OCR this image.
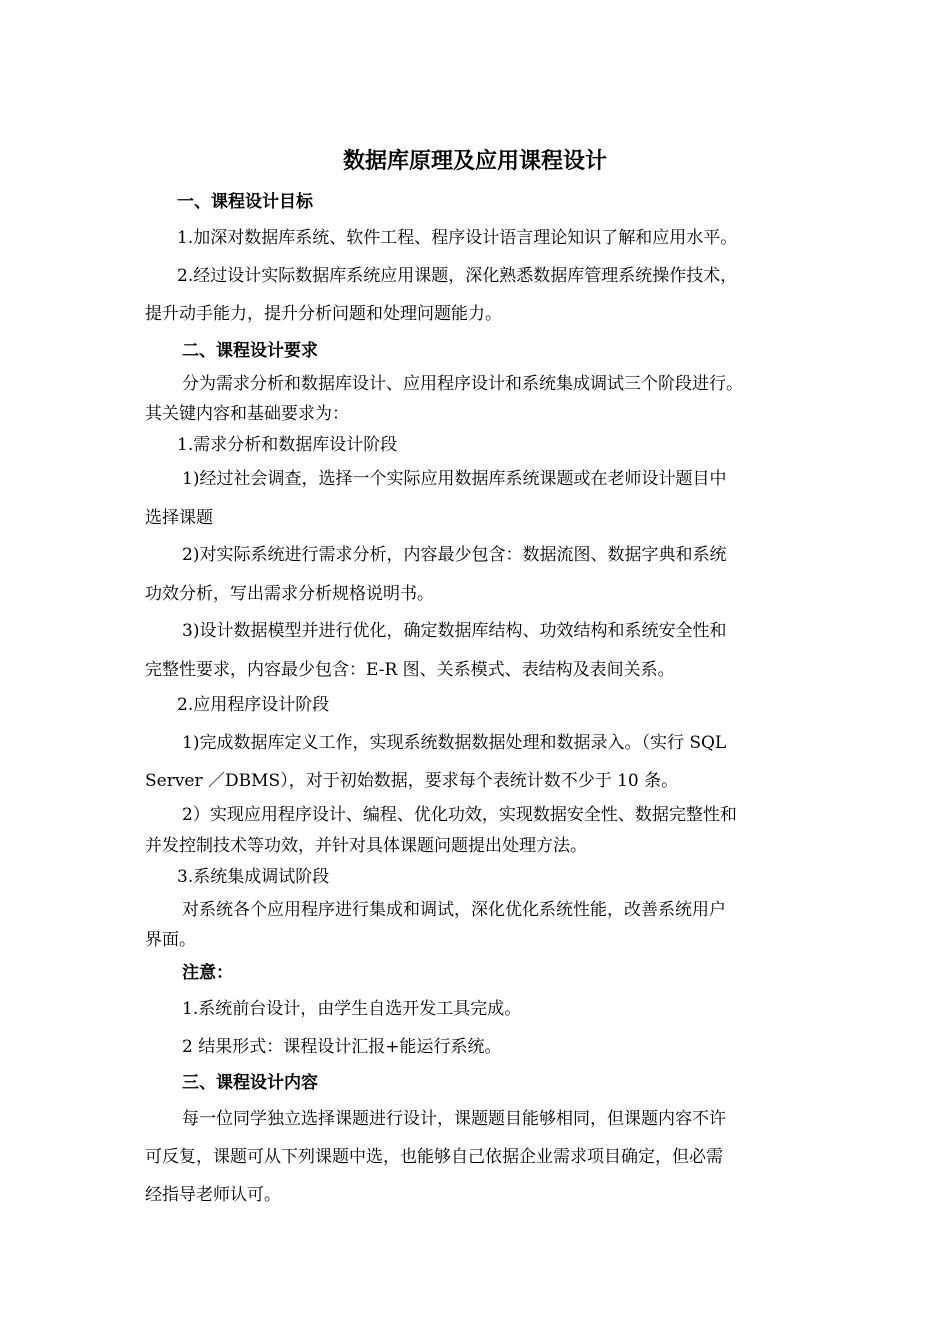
数据库原理及应用课程设计
一、课程设计目标
1.加深对数据库系统、软件工程、程序设计语言理论知识了解和应用水平。
2.经过设计实际数据库系统应用课题，深化熟悉数据库管理系统操作技术，
提升动手能力，提升分析问题和处理问题能力。
二、课程设计要求
分为需求分析和数据库设计、应用程序设计和系统集成调试三个阶段进行。
其关键内容和基础要求为：
1.需求分析和数据库设计阶段
1)经过社会调查，选择一个实际应用数据库系统课题或在老师设计题目中
选择课题
2)对实际系统进行需求分析，内容最少包含：数据流图、数据字典和系统
功效分析，写出需求分析规格说明书。
3)设计数据模型并进行优化，确定数据库结构、功效结构和系统安全性和
完整性要求，内容最少包含：E-R 图、关系模式、表结构及表间关系。
2.应用程序设计阶段
1)完成数据库定义工作，实现系统数据数据处理和数据录入。（实行 SQL
Server ／DBMS），对于初始数据，要求每个表统计数不少于 10 条。
2）实现应用程序设计、编程、优化功效，实现数据安全性、数据完整性和
并发控制技术等功效，并针对具体课题问题提出处理方法。
3.系统集成调试阶段
对系统各个应用程序进行集成和调试，深化优化系统性能，改善系统用户
界面。
注意：
1.系统前台设计，由学生自选开发工具完成。
2 结果形式：课程设计汇报+能运行系统。
三、课程设计内容
每一位同学独立选择课题进行设计，课题题目能够相同，但课题内容不许
可反复，课题可从下列课题中选，也能够自己依据企业需求项目确定，但必需
经指导老师认可。
